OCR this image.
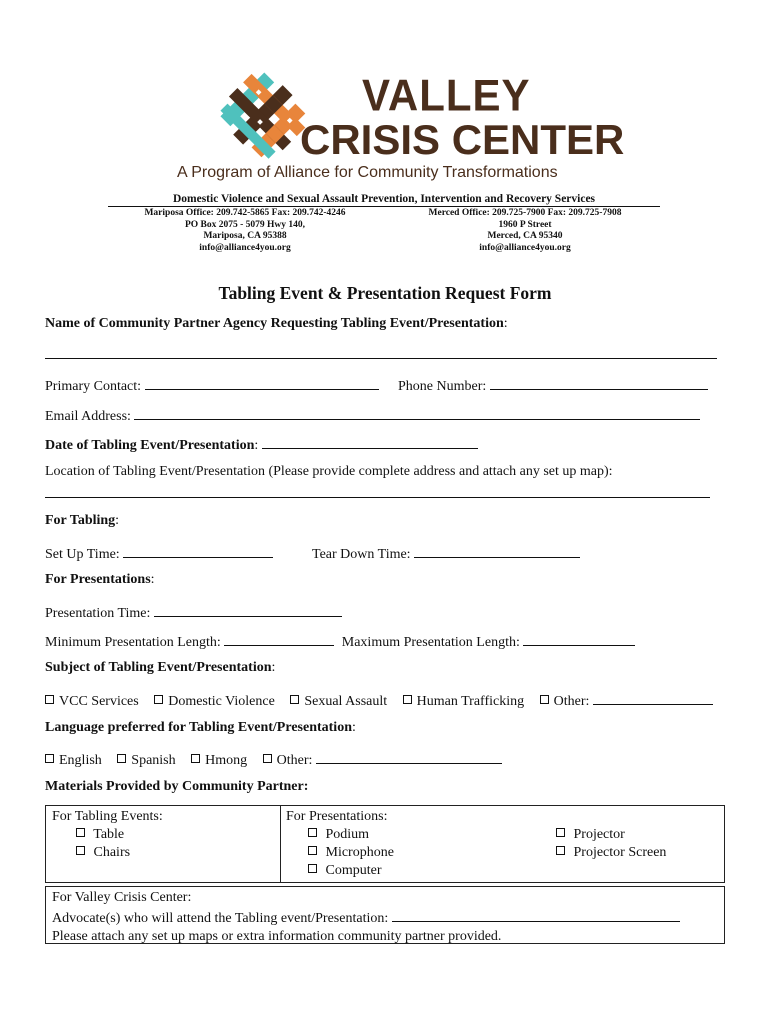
VALLEY
CRISIS CENTER
A Program of Alliance for Community Transformations
Domestic Violence and Sexual Assault Prevention, Intervention and Recovery Services
Mariposa Office: 209.742-5865 Fax: 209.742-4246
PO Box 2075 - 5079 Hwy 140,
Mariposa, CA 95388
info@alliance4you.org
Merced Office: 209.725-7900 Fax: 209.725-7908
1960 P Street
Merced, CA 95340
info@alliance4you.org
Tabling Event & Presentation Request Form
Name of Community Partner Agency Requesting Tabling Event/Presentation:
Primary Contact:	Phone Number:
Email Address:
Date of Tabling Event/Presentation:
Location of Tabling Event/Presentation (Please provide complete address and attach any set up map):
For Tabling:
Set Up Time:	Tear Down Time:
For Presentations:
Presentation Time:
Minimum Presentation Length:	Maximum Presentation Length:
Subject of Tabling Event/Presentation:
VCC Services Domestic Violence Sexual Assault Human Trafficking Other:
Language preferred for Tabling Event/Presentation:
English Spanish Hmong Other:
Materials Provided by Community Partner:
For Tabling Events:
Table
Chairs
For Presentations:
Podium
Microphone
Computer
Projector
Projector Screen
For Valley Crisis Center:
Advocate(s) who will attend the Tabling event/Presentation:
Please attach any set up maps or extra information community partner provided.
